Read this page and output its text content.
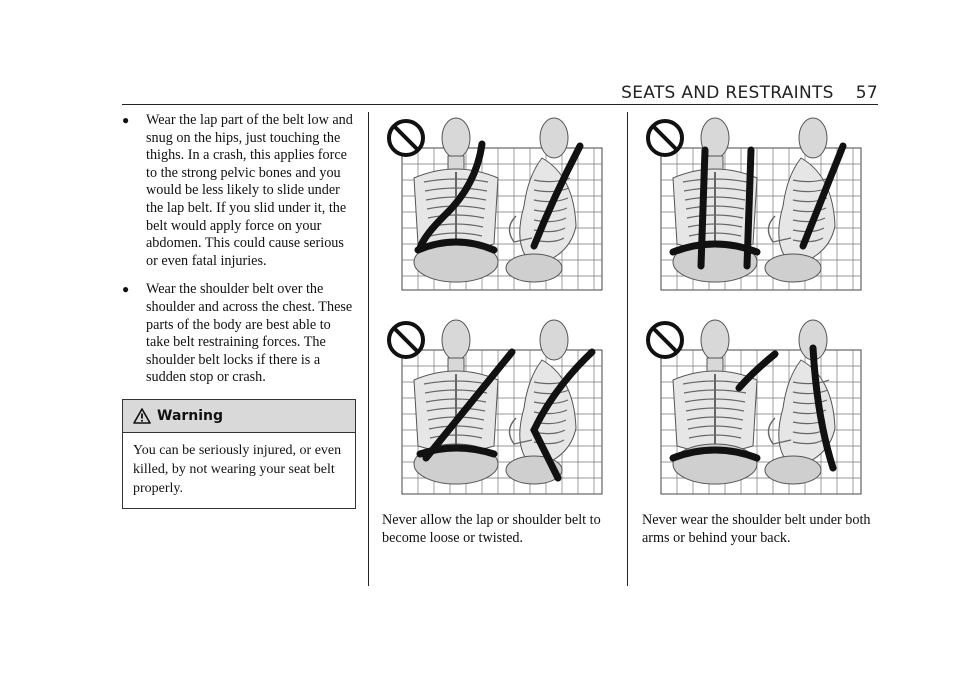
SEATS AND RESTRAINTS 57
● Wear the lap part of the belt low and snug on the hips, just touching the thighs. In a crash, this applies force to the strong pelvic bones and you would be less likely to slide under the lap belt. If you slid under it, the belt would apply force on your abdomen. This could cause serious or even fatal injuries.
● Wear the shoulder belt over the shoulder and across the chest. These parts of the body are best able to take belt restraining forces. The shoulder belt locks if there is a sudden stop or crash.
Warning
You can be seriously injured, or even killed, by not wearing your seat belt properly.
Never allow the lap or shoulder belt to become loose or twisted.
Never wear the shoulder belt under both arms or behind your back.
